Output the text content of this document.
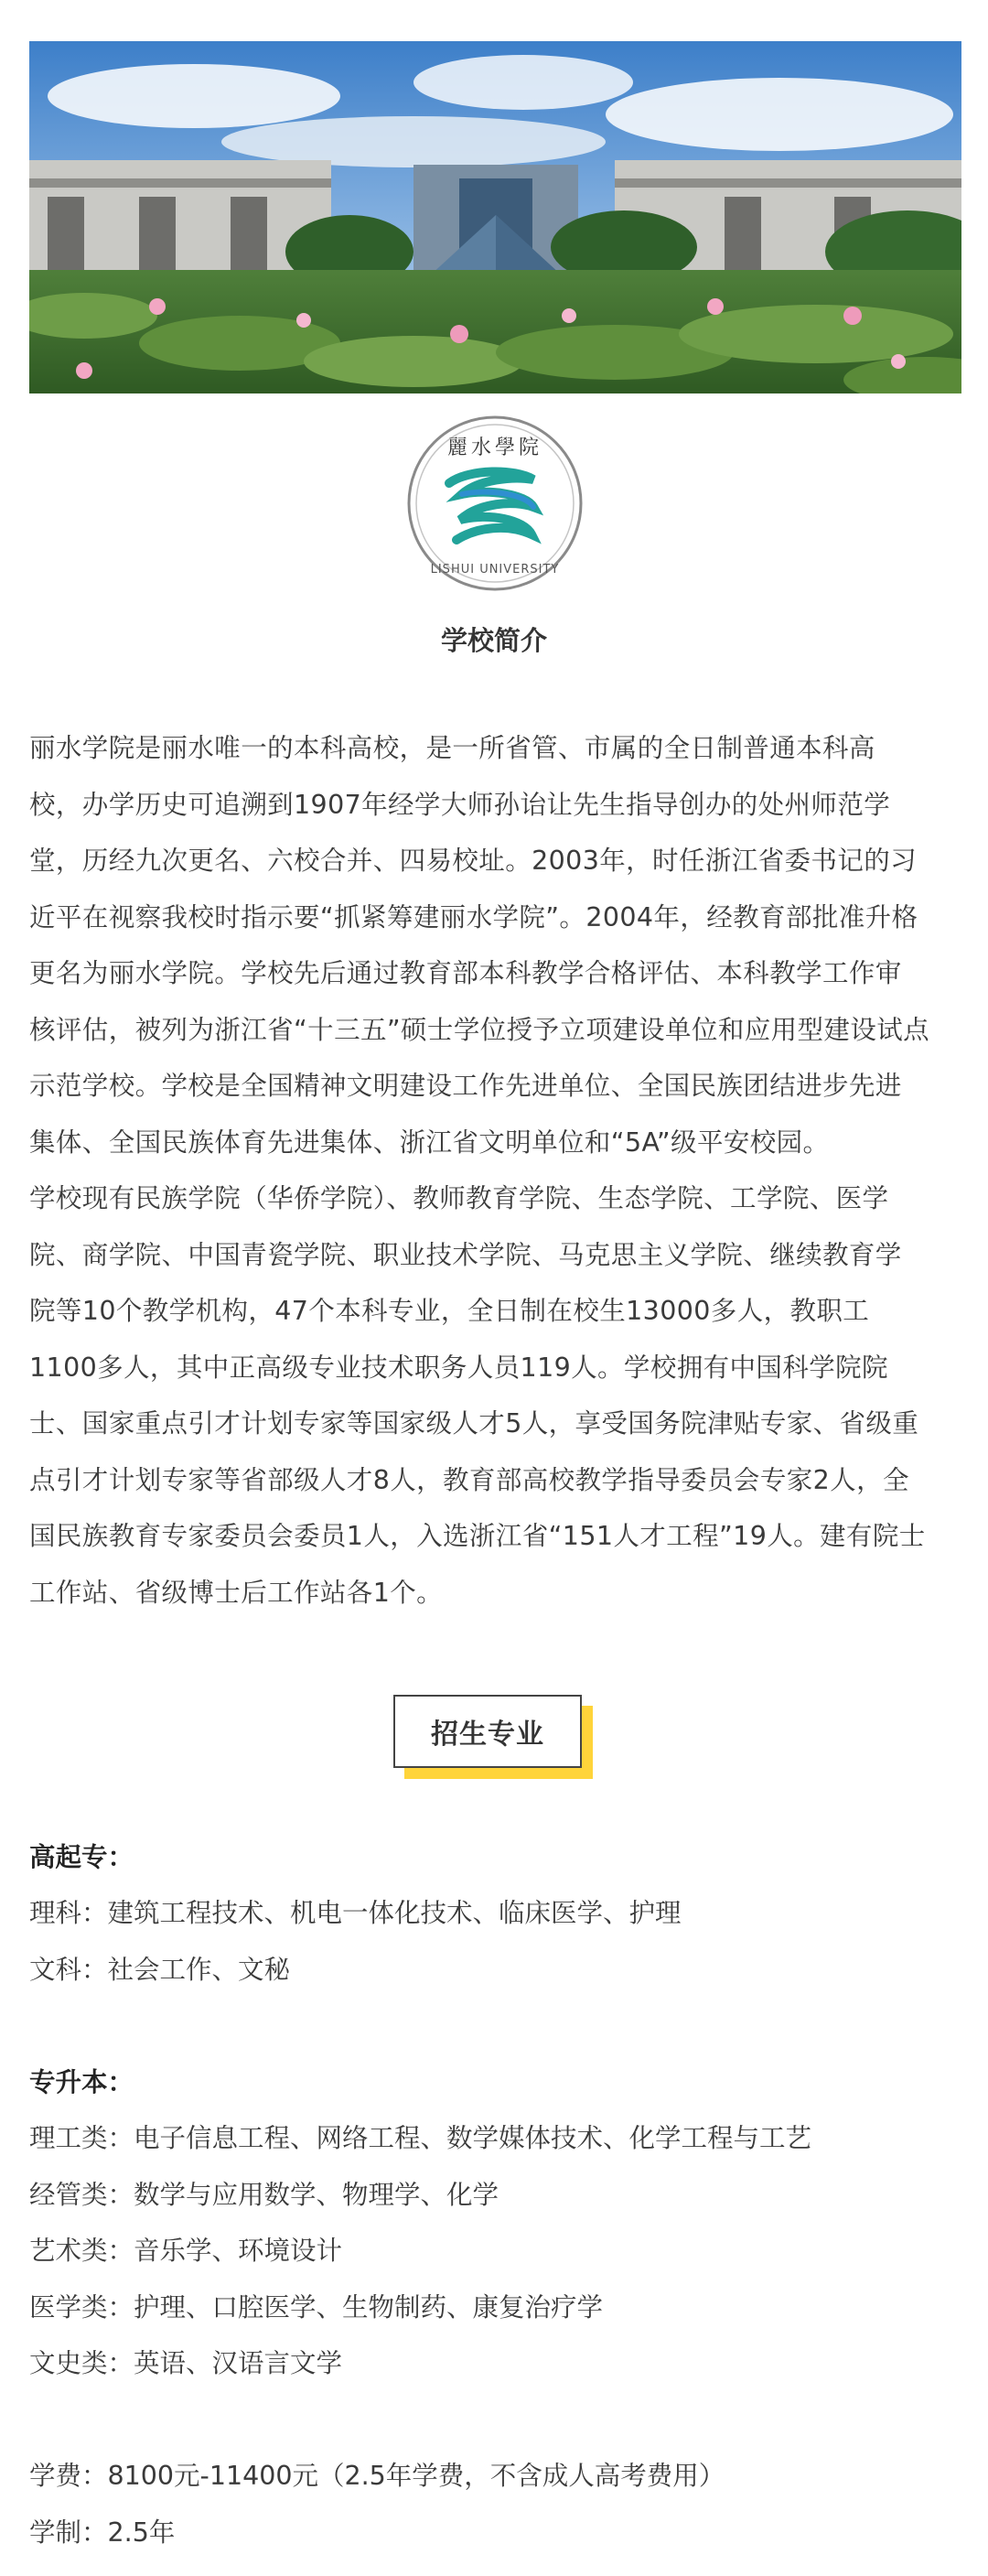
麗水學院
LISHUI UNIVERSITY
学校简介

丽水学院是丽水唯一的本科高校，是一所省管、市属的全日制普通本科高
校，办学历史可追溯到1907年经学大师孙诒让先生指导创办的处州师范学
堂，历经九次更名、六校合并、四易校址。2003年，时任浙江省委书记的习
近平在视察我校时指示要“抓紧筹建丽水学院”。2004年，经教育部批准升格
更名为丽水学院。学校先后通过教育部本科教学合格评估、本科教学工作审
核评估，被列为浙江省“十三五”硕士学位授予立项建设单位和应用型建设试点
示范学校。学校是全国精神文明建设工作先进单位、全国民族团结进步先进
集体、全国民族体育先进集体、浙江省文明单位和“5A”级平安校园。

学校现有民族学院（华侨学院）、教师教育学院、生态学院、工学院、医学
院、商学院、中国青瓷学院、职业技术学院、马克思主义学院、继续教育学
院等10个教学机构，47个本科专业，全日制在校生13000多人，教职工
1100多人，其中正高级专业技术职务人员119人。学校拥有中国科学院院
士、国家重点引才计划专家等国家级人才5人，享受国务院津贴专家、省级重
点引才计划专家等省部级人才8人，教育部高校教学指导委员会专家2人，全
国民族教育专家委员会委员1人，入选浙江省“151人才工程”19人。建有院士
工作站、省级博士后工作站各1个。

招生专业
高起专：
理科：建筑工程技术、机电一体化技术、临床医学、护理
文科：社会工作、文秘
专升本：
理工类：电子信息工程、网络工程、数学媒体技术、化学工程与工艺
经管类：数学与应用数学、物理学、化学
艺术类：音乐学、环境设计
医学类：护理、口腔医学、生物制药、康复治疗学
文史类：英语、汉语言文学
学费：8100元-11400元（2.5年学费，不含成人高考费用）
学制：2.5年
